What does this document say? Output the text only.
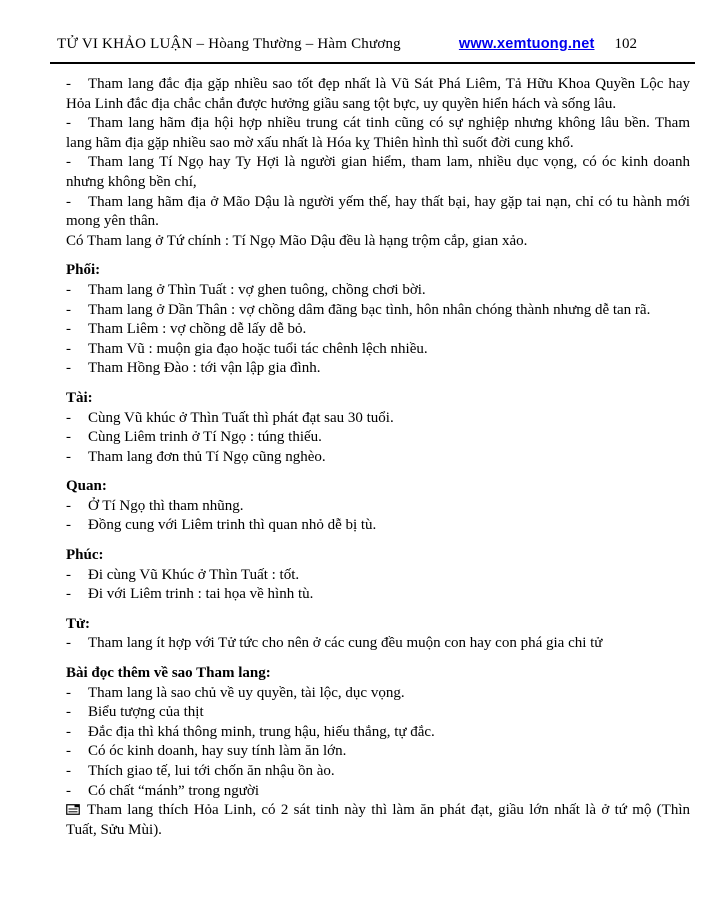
TỬ VI KHẢO LUẬN – Hòang Thường – Hàm Chương	www.xemtuong.net 102

- Tham lang đắc địa gặp nhiều sao tốt đẹp nhất là Vũ Sát Phá Liêm, Tả Hữu Khoa Quyền Lộc hay Hỏa Linh đắc địa chắc chắn được hưởng giầu sang tột bực, uy quyền hiển hách và sống lâu.

- Tham lang hãm địa hội hợp nhiều trung cát tinh cũng có sự nghiệp nhưng không lâu bền. Tham lang hãm địa gặp nhiều sao mờ xấu nhất là Hóa kỵ Thiên hình thì suốt đời cung khổ.

- Tham lang Tí Ngọ hay Ty Hợi là người gian hiểm, tham lam, nhiều dục vọng, có óc kinh doanh nhưng không bền chí,

- Tham lang hãm địa ở Mão Dậu là người yếm thế, hay thất bại, hay gặp tai nạn, chỉ có tu hành mới mong yên thân.

Có Tham lang ở Tứ chính : Tí Ngọ Mão Dậu đều là hạng trộm cắp, gian xảo.

Phối:

- Tham lang ở Thìn Tuất : vợ ghen tuông, chồng chơi bời.

- Tham lang ở Dần Thân : vợ chồng dâm đãng bạc tình, hôn nhân chóng thành nhưng dễ tan rã.

- Tham Liêm : vợ chồng dễ lấy dễ bỏ.

- Tham Vũ : muộn gia đạo hoặc tuổi tác chênh lệch nhiều.

- Tham Hồng Đào : tới vận lập gia đình.

Tài:

- Cùng Vũ khúc ở Thìn Tuất thì phát đạt sau 30 tuổi.

- Cùng Liêm trinh ở Tí Ngọ : túng thiếu.

- Tham lang đơn thủ Tí Ngọ cũng nghèo.

Quan:

- Ở Tí Ngọ thì tham nhũng.

- Đồng cung với Liêm trinh thì quan nhỏ dễ bị tù.

Phúc:

- Đi cùng Vũ Khúc ở Thìn Tuất : tốt.

- Đi với Liêm trinh : tai họa về hình tù.

Tử:

- Tham lang ít hợp với Tử tức cho nên ở các cung đều muộn con hay con phá gia chi tử

Bài đọc thêm về sao Tham lang:

- Tham lang là sao chủ về uy quyền, tài lộc, dục vọng.

- Biểu tượng của thịt

- Đắc địa thì khá thông minh, trung hậu, hiếu thắng, tự đắc.

- Có óc kinh doanh, hay suy tính làm ăn lớn.

- Thích giao tế, lui tới chốn ăn nhậu ồn ào.

- Có chất “mánh” trong người

Tham lang thích Hỏa Linh, có 2 sát tinh này thì làm ăn phát đạt, giầu lớn nhất là ở tứ mộ (Thìn Tuất, Sửu Mùi).
